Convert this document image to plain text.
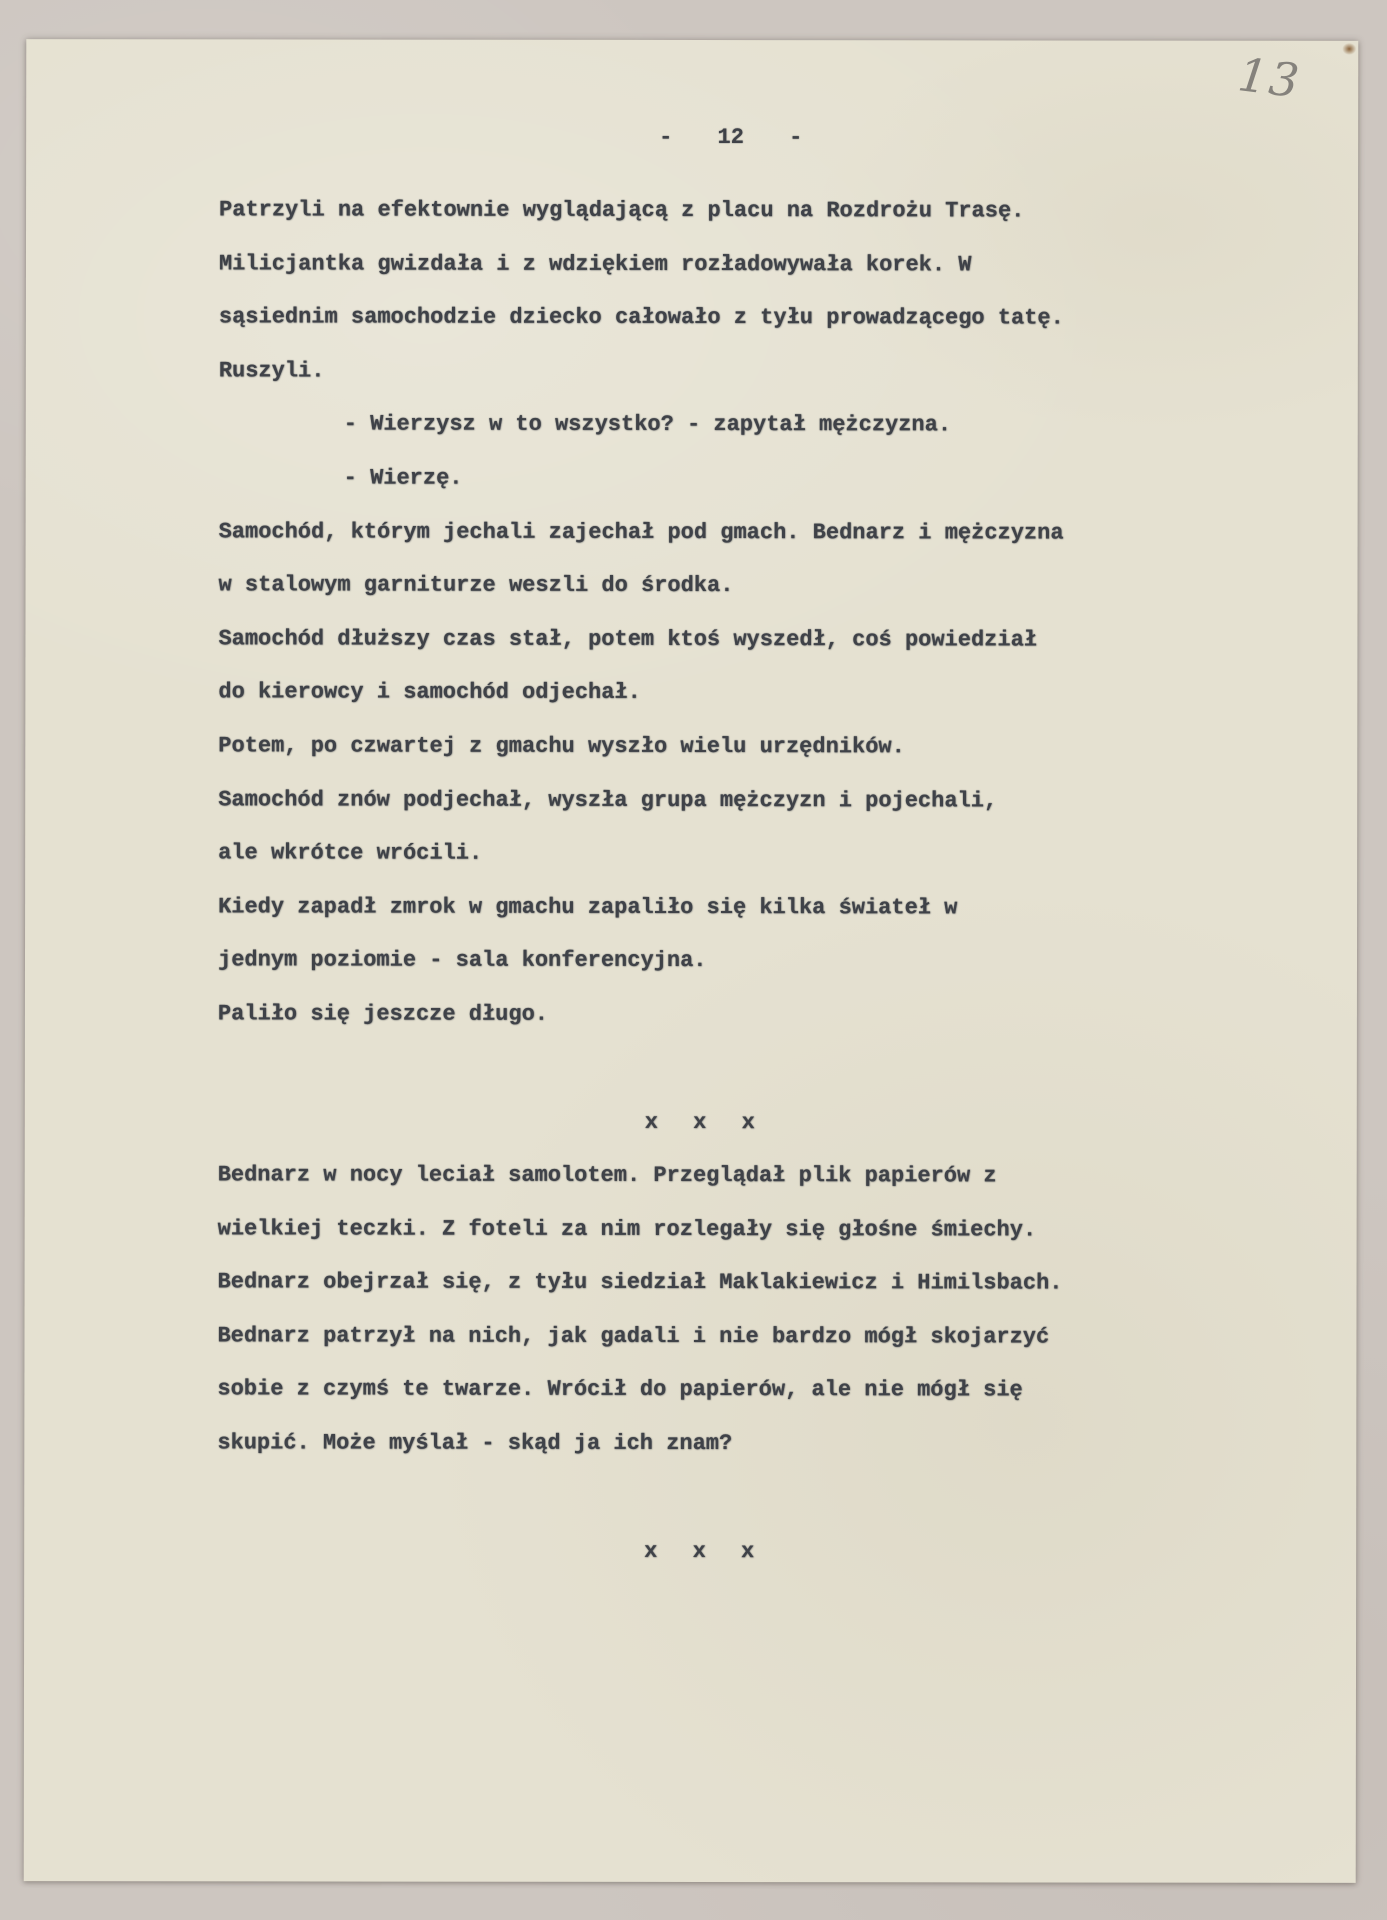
13
- 12 -
Patrzyli na efektownie wyglądającą z placu na Rozdrożu Trasę.
Milicjantka gwizdała i z wdziękiem rozładowywała korek. W
sąsiednim samochodzie dziecko całowało z tyłu prowadzącego tatę.
Ruszyli.
- Wierzysz w to wszystko? - zapytał mężczyzna.
- Wierzę.
Samochód, którym jechali zajechał pod gmach. Bednarz i mężczyzna
w stalowym garniturze weszli do środka.
Samochód dłuższy czas stał, potem ktoś wyszedł, coś powiedział
do kierowcy i samochód odjechał.
Potem, po czwartej z gmachu wyszło wielu urzędników.
Samochód znów podjechał, wyszła grupa mężczyzn i pojechali,
ale wkrótce wrócili.
Kiedy zapadł zmrok w gmachu zapaliło się kilka świateł w
jednym poziomie - sala konferencyjna.
Paliło się jeszcze długo.
x x x
Bednarz w nocy leciał samolotem. Przeglądał plik papierów z
wielkiej teczki. Z foteli za nim rozlegały się głośne śmiechy.
Bednarz obejrzał się, z tyłu siedział Maklakiewicz i Himilsbach.
Bednarz patrzył na nich, jak gadali i nie bardzo mógł skojarzyć
sobie z czymś te twarze. Wrócił do papierów, ale nie mógł się
skupić. Może myślał - skąd ja ich znam?
x x x
